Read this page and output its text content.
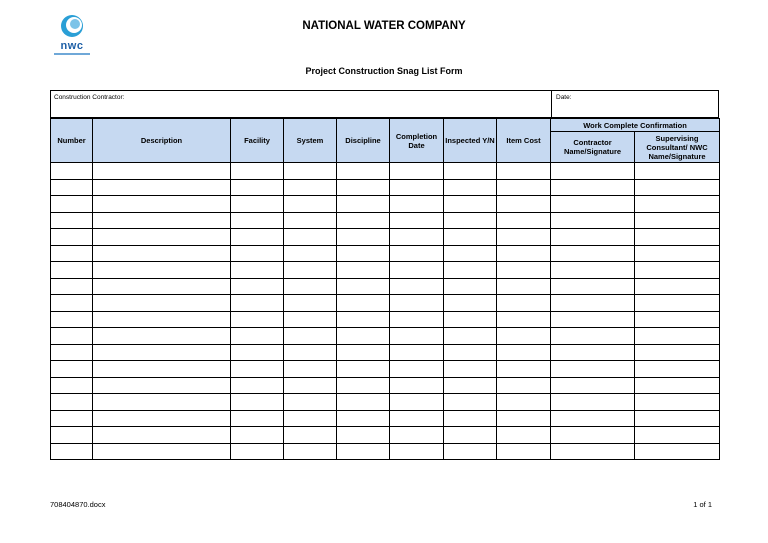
nwc
NATIONAL WATER COMPANY
Project Construction Snag List Form
Construction Contractor:	Date:
Number	Description	Facility	System	Discipline	Completion Date	Inspected Y/N	Item Cost	Work Complete Confirmation	
								Contractor Name/Signature	Supervising Consultant/ NWC Name/Signature

708404870.docx	1 of 1
